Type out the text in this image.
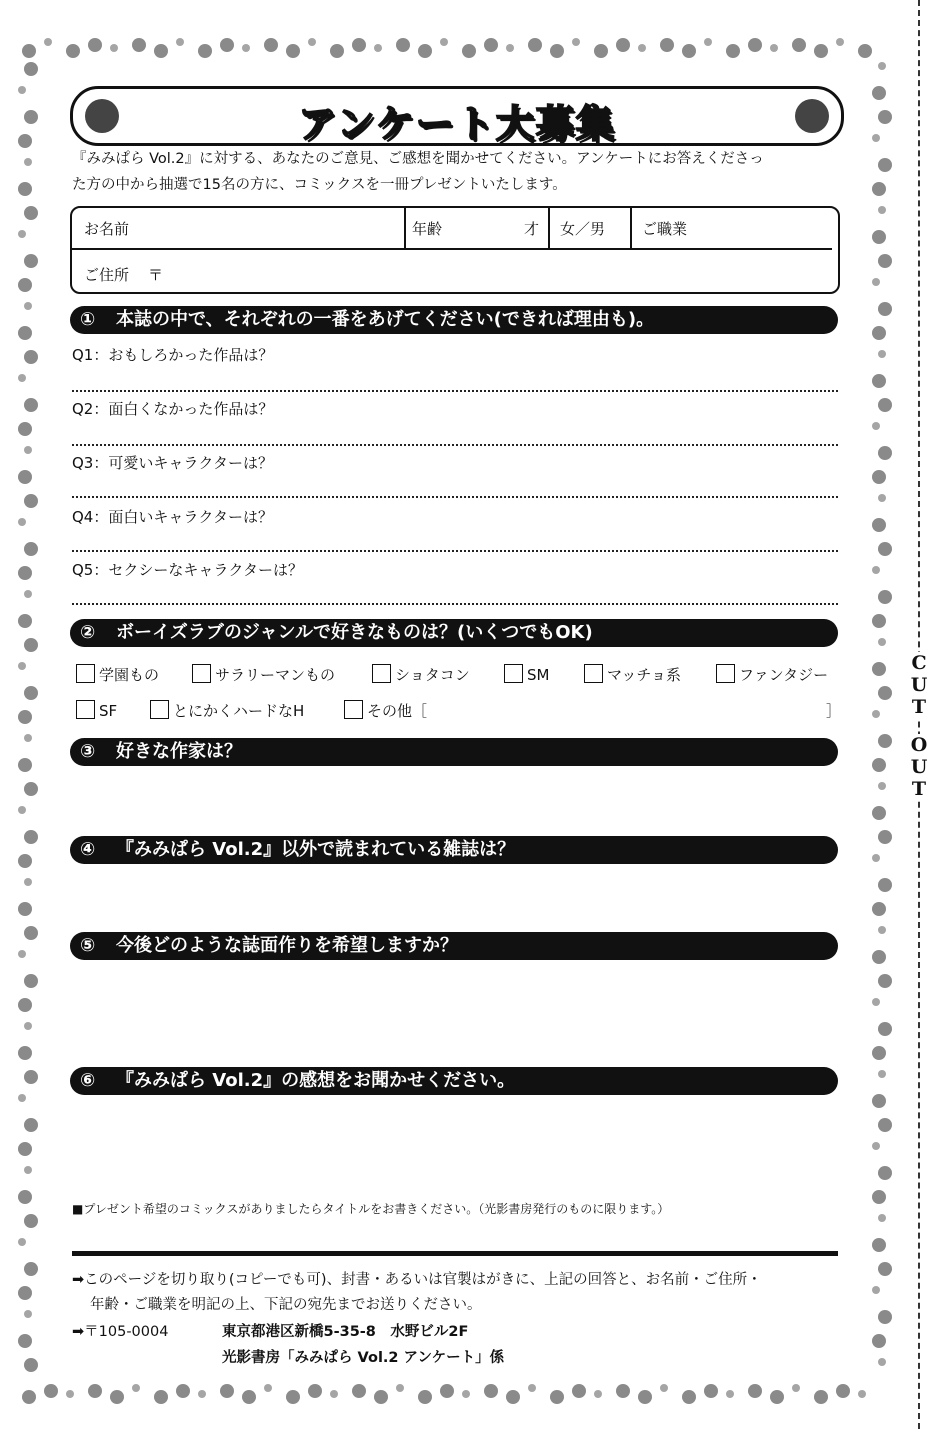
C
U
T
O
U
T
アンケート大募集
『みみぱら Vol.2』に対する、あなたのご意見、ご感想を聞かせてください。アンケートにお答えくださっ
た方の中から抽選で15名の方に、コミックスを一冊プレゼントいたします。
お名前	年齢	才 女／男 ご職業
ご住所 〒
① 本誌の中で、それぞれの一番をあげてください(できれば理由も)。
Q1：おもしろかった作品は？
Q2：面白くなかった作品は？
Q3：可愛いキャラクターは？
Q4：面白いキャラクターは？
Q5：セクシーなキャラクターは？
② ボーイズラブのジャンルで好きなものは？(いくつでもOK)
学園もの	サラリーマンもの	ショタコン	SM	マッチョ系	ファンタジー
SF	とにかくハードなH	その他［	］
③ 好きな作家は？
④ 『みみぱら Vol.2』以外で読まれている雑誌は？
⑤ 今後どのような誌面作りを希望しますか？
⑥ 『みみぱら Vol.2』の感想をお聞かせください。
■プレゼント希望のコミックスがありましたらタイトルをお書きください。（光影書房発行のものに限ります。）
➡このページを切り取り(コピーでも可)、封書・あるいは官製はがきに、上記の回答と、お名前・ご住所・
年齢・ご職業を明記の上、下記の宛先までお送りください。
➡〒105-0004	東京都港区新橋5-35-8　水野ビル2F
光影書房「みみぱら Vol.2 アンケート」係
